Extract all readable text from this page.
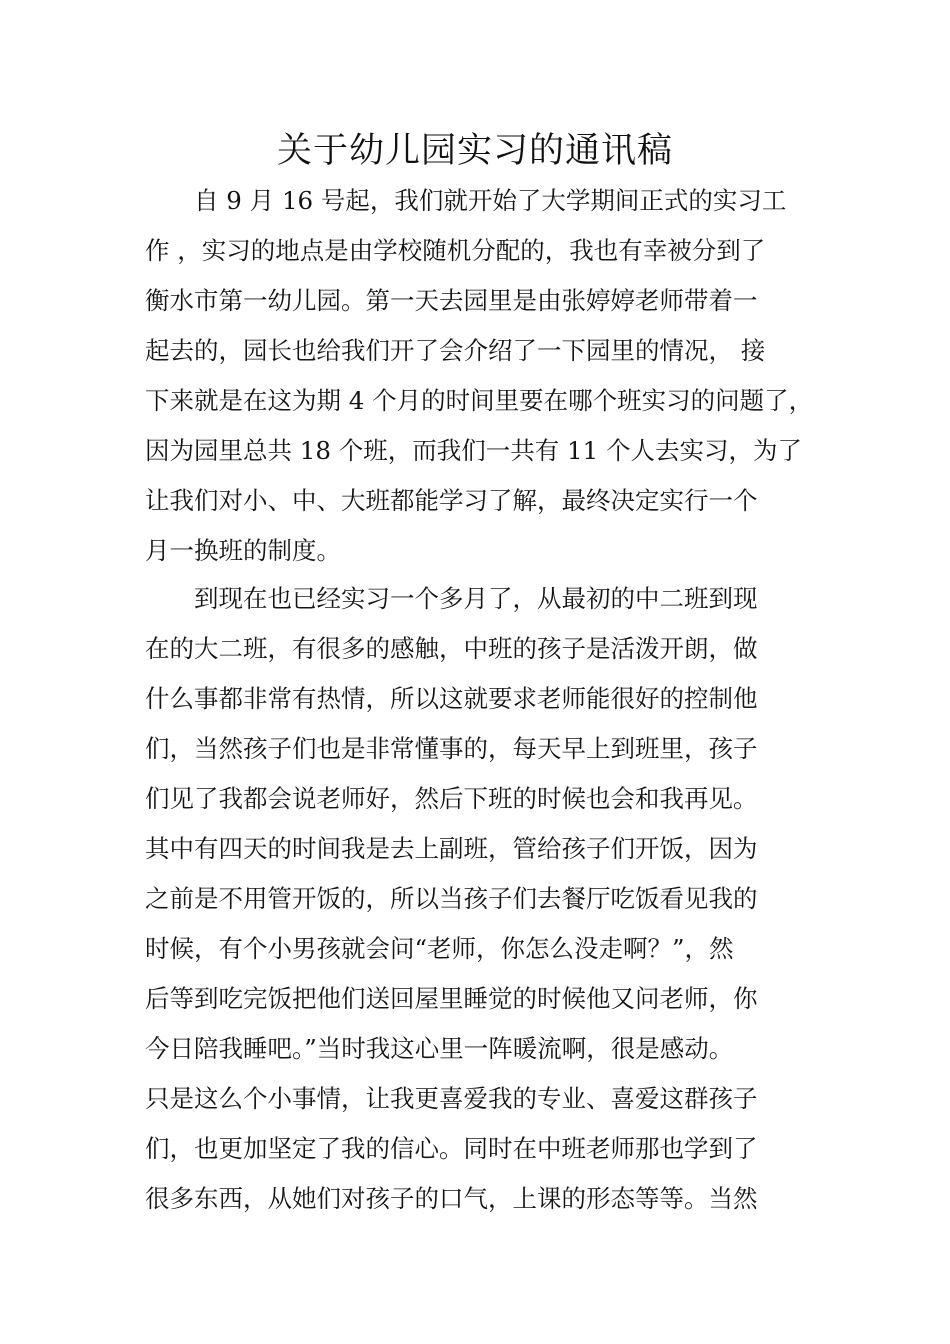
关于幼儿园实习的通讯稿
　　自 9 月 16 号起，我们就开始了大学期间正式的实习工
作 ，实习的地点是由学校随机分配的，我也有幸被分到了
衡水市第一幼儿园。第一天去园里是由张婷婷老师带着一
起去的，园长也给我们开了会介绍了一下园里的情况， 接
下来就是在这为期 4 个月的时间里要在哪个班实习的问题了，
因为园里总共 18 个班，而我们一共有 11 个人去实习，为了
让我们对小、中、大班都能学习了解，最终决定实行一个
月一换班的制度。
　　到现在也已经实习一个多月了，从最初的中二班到现
在的大二班，有很多的感触，中班的孩子是活泼开朗，做
什么事都非常有热情，所以这就要求老师能很好的控制他
们，当然孩子们也是非常懂事的，每天早上到班里，孩子
们见了我都会说老师好，然后下班的时候也会和我再见。
其中有四天的时间我是去上副班，管给孩子们开饭，因为
之前是不用管开饭的，所以当孩子们去餐厅吃饭看见我的
时候，有个小男孩就会问“老师，你怎么没走啊？”，然
后等到吃完饭把他们送回屋里睡觉的时候他又问老师，你
今日陪我睡吧。”当时我这心里一阵暖流啊，很是感动。
只是这么个小事情，让我更喜爱我的专业、喜爱这群孩子
们，也更加坚定了我的信心。同时在中班老师那也学到了
很多东西，从她们对孩子的口气，上课的形态等等。当然
